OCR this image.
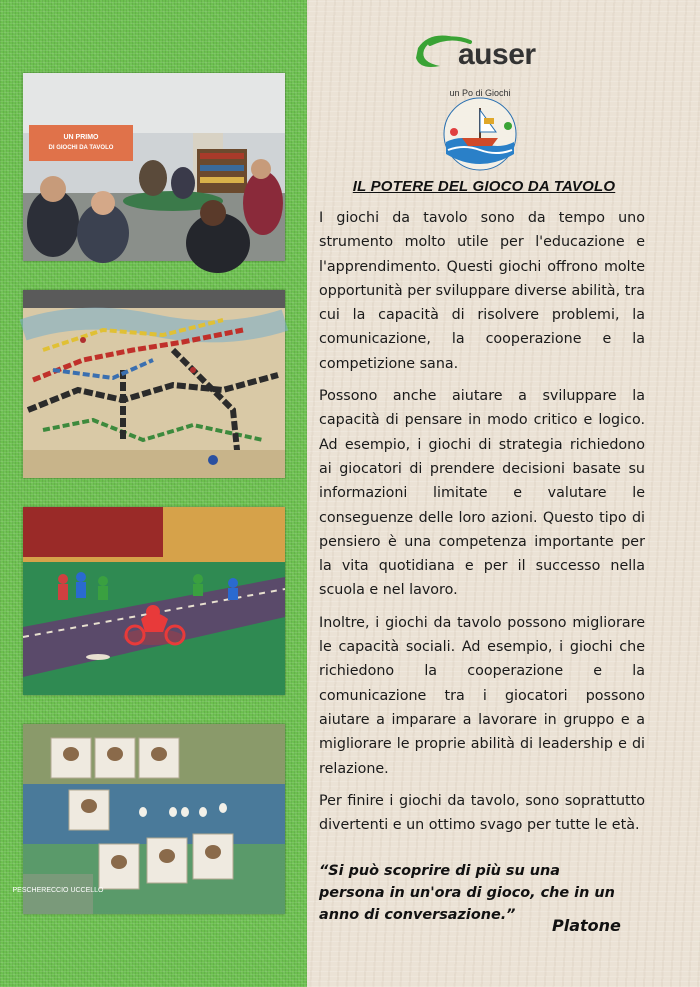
UN PRIMO
DI GIOCHI DA TAVOLO
PESCHERECCIO UCCELLO
auser
un Po di Giochi
IL POTERE DEL GIOCO DA TAVOLO

I giochi da tavolo sono da tempo uno strumento molto utile per l'educazione e l'apprendimento. Questi giochi offrono molte opportunità per sviluppare diverse abilità, tra cui la capacità di risolvere problemi, la comunicazione, la cooperazione e la competizione sana.

Possono anche aiutare a sviluppare la capacità di pensare in modo critico e logico. Ad esempio, i giochi di strategia richiedono ai giocatori di prendere decisioni basate su informazioni limitate e valutare le conseguenze delle loro azioni. Questo tipo di pensiero è una competenza importante per la vita quotidiana e per il successo nella scuola e nel lavoro.

Inoltre, i giochi da tavolo possono migliorare le capacità sociali. Ad esempio, i giochi che richiedono la cooperazione e la comunicazione tra i giocatori possono aiutare a imparare a lavorare in gruppo e a migliorare le proprie abilità di leadership e di relazione.

Per finire i giochi da tavolo, sono soprattutto divertenti e un ottimo svago per tutte le età.

“Si può scoprire di più su una persona in un'ora di gioco, che in un anno di conversazione.”
Platone
